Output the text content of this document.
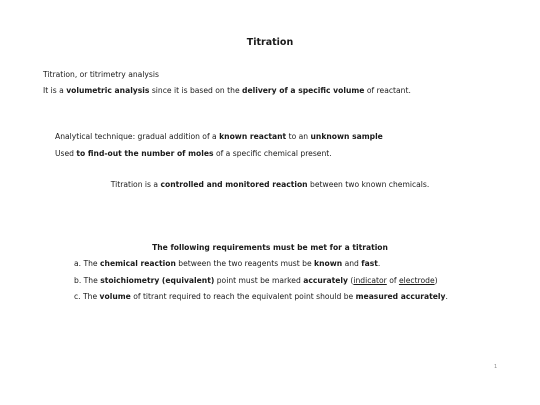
Titration
Titration, or titrimetry analysis
It is a volumetric analysis since it is based on the delivery of a specific volume of reactant.
Analytical technique: gradual addition of a known reactant to an unknown sample
Used to find-out the number of moles of a specific chemical present.
Titration is a controlled and monitored reaction between two known chemicals.
The following requirements must be met for a titration
a. The chemical reaction between the two reagents must be known and fast.
b. The stoichiometry (equivalent) point must be marked accurately (indicator of electrode)
c. The volume of titrant required to reach the equivalent point should be measured accurately.
1
